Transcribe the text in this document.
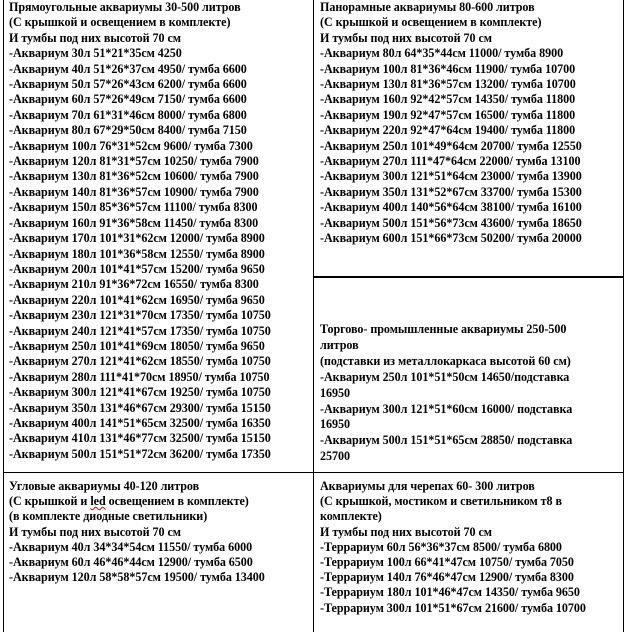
Прямоугольные аквариумы 30-500 литров
(С крышкой и освещением в комплекте)
И тумбы под них высотой 70 см
-Аквариум 30л 51*21*35см 4250
-Аквариум 40л 51*26*37см 4950/ тумба 6600
-Аквариум 50л 57*26*43см 6200/ тумба 6600
-Аквариум 60л 57*26*49см 7150/ тумба 6600
-Аквариум 70л 61*31*46см 8000/ тумба 6800
-Аквариум 80л 67*29*50см 8400/ тумба 7150
-Аквариум 100л 76*31*52см 9600/ тумба 7300
-Аквариум 120л 81*31*57см 10250/ тумба 7900
-Аквариум 130л 81*36*52см 10600/ тумба 7900
-Аквариум 140л 81*36*57см 10900/ тумба 7900
-Аквариум 150л 85*36*57см 11100/ тумба 8300
-Аквариум 160л 91*36*58см 11450/ тумба 8300
-Аквариум 170л 101*31*62см 12000/ тумба 8900
-Аквариум 180л 101*36*58см 12550/ тумба 8900
-Аквариум 200л 101*41*57см 15200/ тумба 9650
-Аквариум 210л 91*36*72см 16550/ тумба 8300
-Аквариум 220л 101*41*62см 16950/ тумба 9650
-Аквариум 230л 121*31*70см 17350/ тумба 10750
-Аквариум 240л 121*41*57см 17350/ тумба 10750
-Аквариум 250л 101*41*69см 18050/ тумба 9650
-Аквариум 270л 121*41*62см 18550/ тумба 10750
-Аквариум 280л 111*41*70см 18950/ тумба 10750
-Аквариум 300л 121*41*67см 19250/ тумба 10750
-Аквариум 350л 131*46*67см 29300/ тумба 15150
-Аквариум 400л 141*51*65см 32500/ тумба 16350
-Аквариум 410л 131*46*77см 32500/ тумба 15150
-Аквариум 500л 151*51*72см 36200/ тумба 17350
Панорамные аквариумы 80-600 литров
(С крышкой и освещением в комплекте)
И тумбы под них высотой 70 см
-Аквариум 80л 64*35*44см 11000/ тумба 8900
-Аквариум 100л 81*36*46см 11900/ тумба 10700
-Аквариум 130л 81*36*57см 13200/ тумба 10700
-Аквариум 160л 92*42*57см 14350/ тумба 11800
-Аквариум 190л 92*47*57см 16500/ тумба 11800
-Аквариум 220л 92*47*64см 19400/ тумба 11800
-Аквариум 250л 101*49*64см 20700/ тумба 12550
-Аквариум 270л 111*47*64см 22000/ тумба 13100
-Аквариум 300л 121*51*64см 23000/ тумба 13900
-Аквариум 350л 131*52*67см 33700/ тумба 15300
-Аквариум 400л 140*56*64см 38100/ тумба 16100
-Аквариум 500л 151*56*73см 43600/ тумба 18650
-Аквариум 600л 151*66*73см 50200/ тумба 20000
Торгово- промышленные аквариумы 250-500
литров
(подставки из металлокаркаса высотой 60 см)
-Аквариум 250л 101*51*50см 14650/подставка
16950
-Аквариум 300л 121*51*60см 16000/ подставка
16950
-Аквариум 500л 151*51*65см 28850/ подставка
25700
Угловые аквариумы 40-120 литров
(С крышкой и led освещением в комплекте)
(в комплекте диодные светильники)
И тумбы под них высотой 70 см
-Аквариум 40л 34*34*54см 11550/ тумба 6000
-Аквариум 60л 46*46*44см 12900/ тумба 6500
-Аквариум 120л 58*58*57см 19500/ тумба 13400
Аквариумы для черепах 60- 300 литров
(С крышкой, мостиком и светильником т8 в
комплекте)
И тумбы под них высотой 70 см
-Террариум 60л 56*36*37см 8500/ тумба 6800
-Террариум 100л 66*41*47см 10750/ тумба 7050
-Террариум 140л 76*46*47см 12900/ тумба 8300
-Террариум 180л 101*46*47см 14350/ тумба 9650
-Террариум 300л 101*51*67см 21600/ тумба 10700
